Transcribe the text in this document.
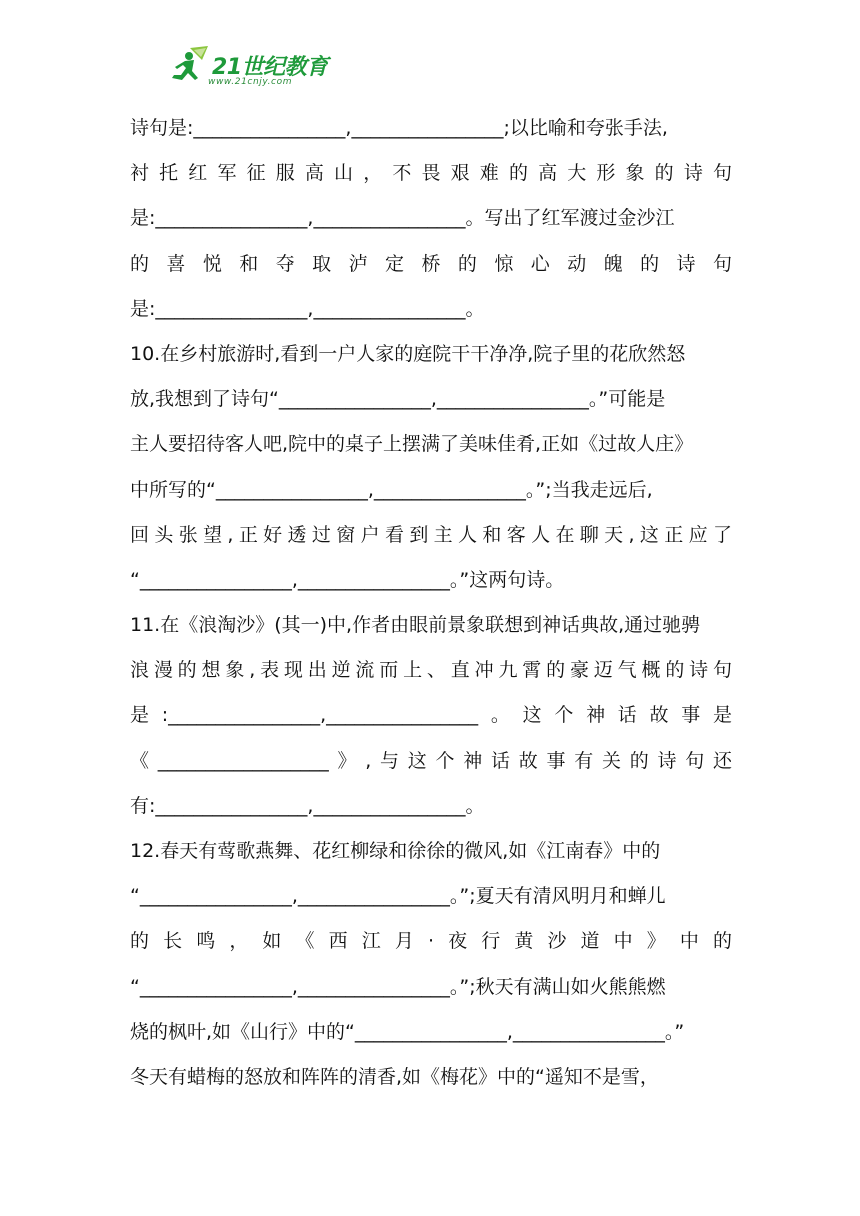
21世纪教育
www.21cnjy.com
诗句是:________________,________________;以比喻和夸张手法,
衬托红军征服高山，不畏艰难的高大形象的诗句
是:________________,________________。写出了红军渡过金沙江
的喜悦和夺取泸定桥的惊心动魄的诗句
是:________________,________________。
10.在乡村旅游时,看到一户人家的庭院干干净净,院子里的花欣然怒
放,我想到了诗句“________________,________________。”可能是
主人要招待客人吧,院中的桌子上摆满了美味佳肴,正如《过故人庄》
中所写的“________________,________________。”;当我走远后,
回头张望,正好透过窗户看到主人和客人在聊天,这正应了
“________________,________________。”这两句诗。
11.在《浪淘沙》(其一)中,作者由眼前景象联想到神话典故,通过驰骋
浪漫的想象,表现出逆流而上、直冲九霄的豪迈气概的诗句
是:________________,________________。这个神话故事是
《__________________》,与这个神话故事有关的诗句还
有:________________,________________。
12.春天有莺歌燕舞、花红柳绿和徐徐的微风,如《江南春》中的
“________________,________________。”;夏天有清风明月和蝉儿
的长鸣，如《西江月·夜行黄沙道中》中的
“________________,________________。”;秋天有满山如火熊熊燃
烧的枫叶,如《山行》中的“________________,________________。”
冬天有蜡梅的怒放和阵阵的清香,如《梅花》中的“遥知不是雪，
